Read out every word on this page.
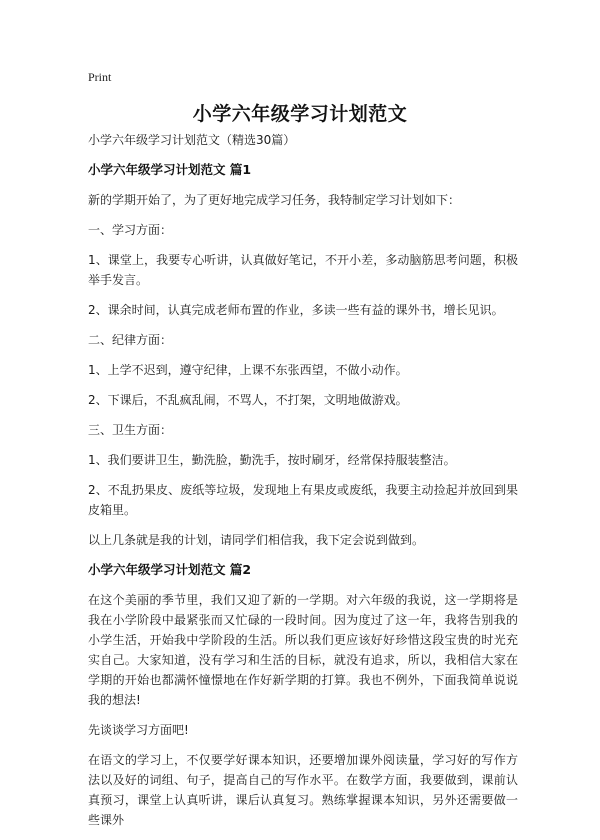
Print
小学六年级学习计划范文

小学六年级学习计划范文（精选30篇）

小学六年级学习计划范文 篇1

新的学期开始了，为了更好地完成学习任务，我特制定学习计划如下：

一、学习方面：

1、课堂上，我要专心听讲，认真做好笔记，不开小差，多动脑筋思考问题，积极举手发言。

2、课余时间，认真完成老师布置的作业，多读一些有益的课外书，增长见识。

二、纪律方面：

1、上学不迟到，遵守纪律，上课不东张西望，不做小动作。

2、下课后，不乱疯乱闹，不骂人，不打架，文明地做游戏。

三、卫生方面：

1、我们要讲卫生，勤洗脸，勤洗手，按时刷牙，经常保持服装整洁。

2、不乱扔果皮、废纸等垃圾，发现地上有果皮或废纸，我要主动捡起并放回到果皮箱里。

以上几条就是我的计划，请同学们相信我，我下定会说到做到。

小学六年级学习计划范文 篇2

在这个美丽的季节里，我们又迎了新的一学期。对六年级的我说，这一学期将是我在小学阶段中最紧张而又忙碌的一段时间。因为度过了这一年，我将告别我的小学生活，开始我中学阶段的生活。所以我们更应该好好珍惜这段宝贵的时光充实自己。大家知道，没有学习和生活的目标，就没有追求，所以，我相信大家在学期的开始也都满怀憧憬地在作好新学期的打算。我也不例外，下面我简单说说我的想法!

先谈谈学习方面吧!

在语文的学习上，不仅要学好课本知识，还要增加课外阅读量，学习好的写作方法以及好的词组、句子，提高自己的写作水平。在数学方面，我要做到，课前认真预习，课堂上认真听讲，课后认真复习。熟练掌握课本知识，另外还需要做一些课外
